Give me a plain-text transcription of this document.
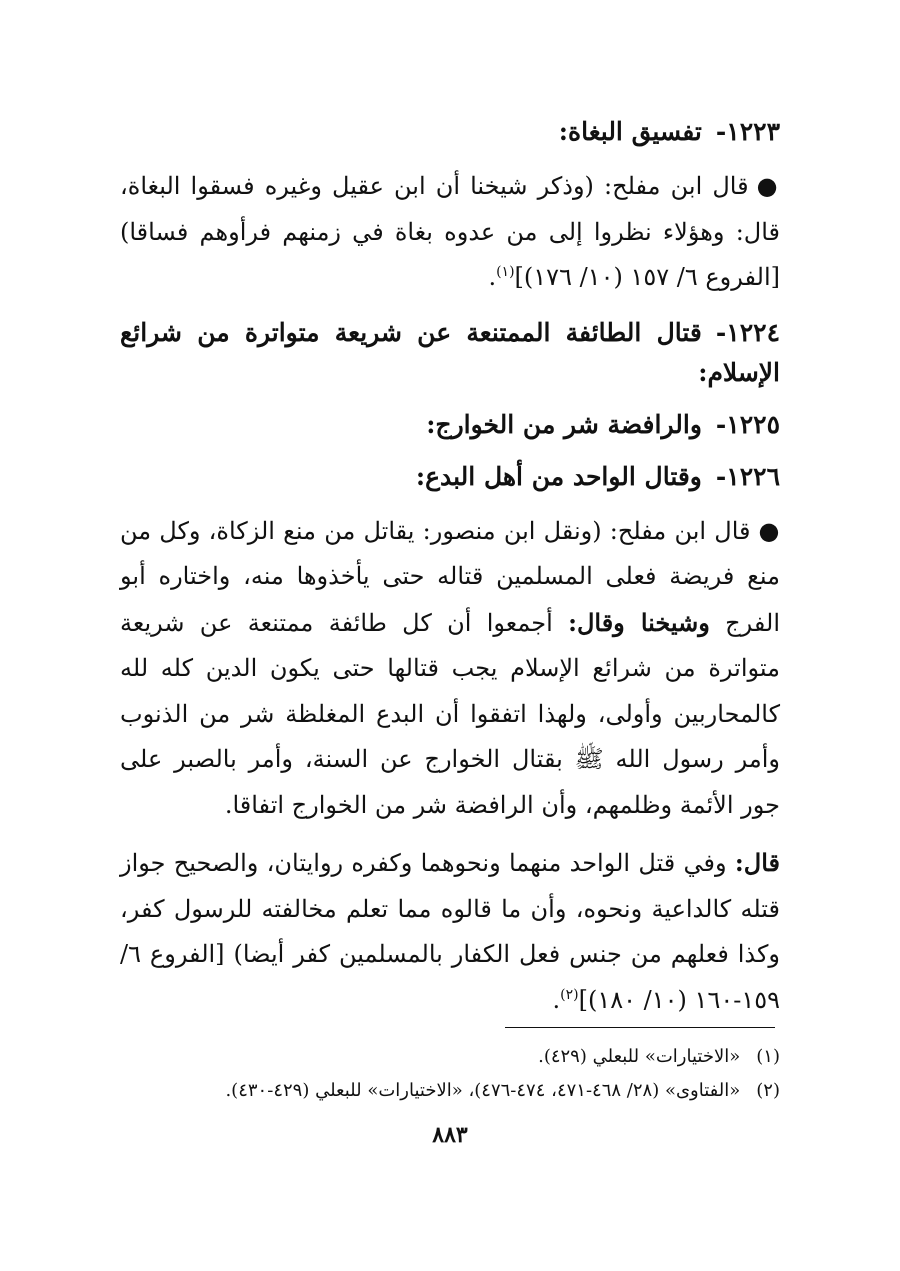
١٢٢٣-تفسيق البغاة:

●قال ابن مفلح: (وذكر شيخنا أن ابن عقيل وغيره فسقوا البغاة، قال: وهؤلاء نظروا إلى من عدوه بغاة في زمنهم فرأوهم فساقا) [الفروع ٦/ ١٥٧ (١٠/ ١٧٦)]$^{(١)}$.

١٢٢٤-قتال الطائفة الممتنعة عن شريعة متواترة من شرائع الإسلام:
١٢٢٥-والرافضة شر من الخوارج:
١٢٢٦-وقتال الواحد من أهل البدع:

●قال ابن مفلح: (ونقل ابن منصور: يقاتل من منع الزكاة، وكل من منع فريضة فعلى المسلمين قتاله حتى يأخذوها منه، واختاره أبو الفرج وشيخنا وقال: أجمعوا أن كل طائفة ممتنعة عن شريعة متواترة من شرائع الإسلام يجب قتالها حتى يكون الدين كله لله كالمحاربين وأولى، ولهذا اتفقوا أن البدع المغلظة شر من الذنوب وأمر رسول الله ﷺ بقتال الخوارج عن السنة، وأمر بالصبر على جور الأئمة وظلمهم، وأن الرافضة شر من الخوارج اتفاقا.

قال: وفي قتل الواحد منهما ونحوهما وكفره روايتان، والصحيح جواز قتله كالداعية ونحوه، وأن ما قالوه مما تعلم مخالفته للرسول كفر، وكذا فعلهم من جنس فعل الكفار بالمسلمين كفر أيضا) [الفروع ٦/ ١٥٩-١٦٠ (١٠/ ١٨٠)]$^{(٢)}$.

(١)«الاختيارات» للبعلي (٤٢٩).

(٢)«الفتاوى» (٢٨/ ٤٦٨-٤٧١، ٤٧٤-٤٧٦)، «الاختيارات» للبعلي (٤٢٩-٤٣٠).

٨٨٣
